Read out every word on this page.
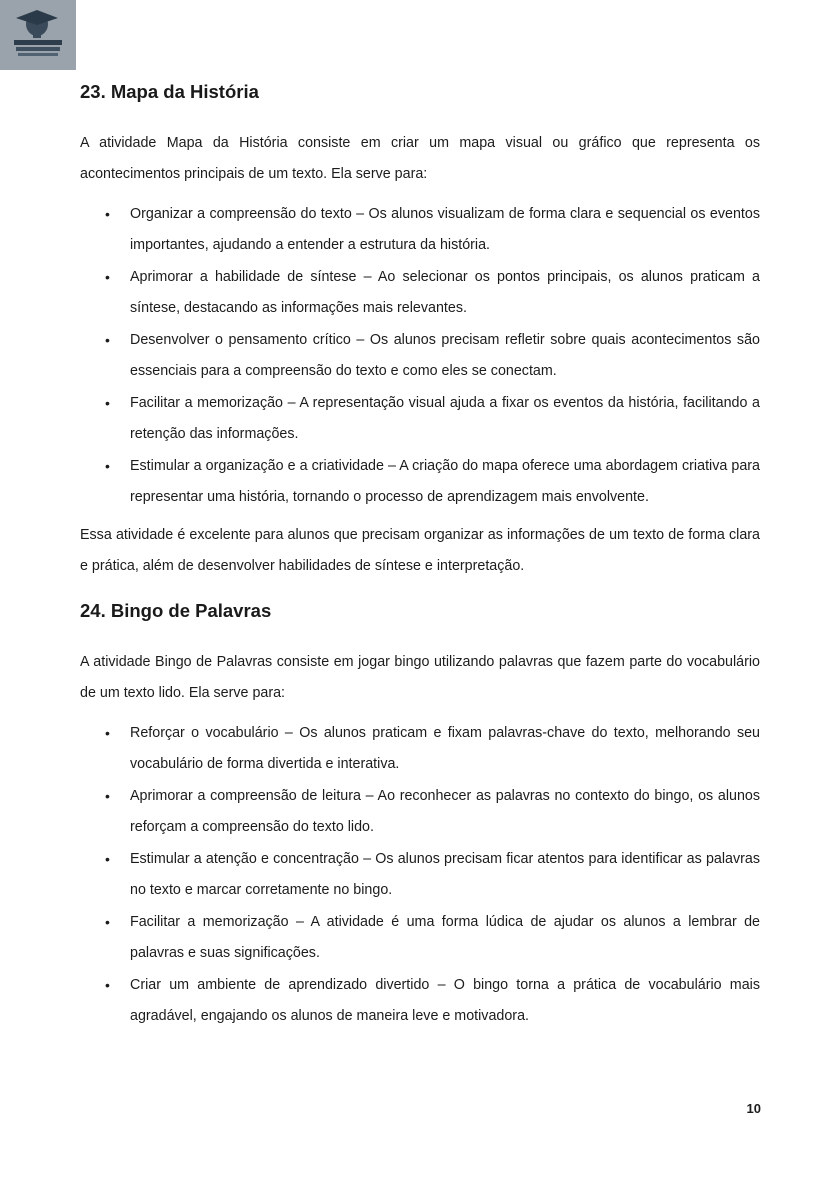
23. Mapa da História

A atividade Mapa da História consiste em criar um mapa visual ou gráfico que representa os acontecimentos principais de um texto. Ela serve para:

• Organizar a compreensão do texto – Os alunos visualizam de forma clara e sequencial os eventos importantes, ajudando a entender a estrutura da história.
• Aprimorar a habilidade de síntese – Ao selecionar os pontos principais, os alunos praticam a síntese, destacando as informações mais relevantes.
• Desenvolver o pensamento crítico – Os alunos precisam refletir sobre quais acontecimentos são essenciais para a compreensão do texto e como eles se conectam.
• Facilitar a memorização – A representação visual ajuda a fixar os eventos da história, facilitando a retenção das informações.
• Estimular a organização e a criatividade – A criação do mapa oferece uma abordagem criativa para representar uma história, tornando o processo de aprendizagem mais envolvente.

Essa atividade é excelente para alunos que precisam organizar as informações de um texto de forma clara e prática, além de desenvolver habilidades de síntese e interpretação.

24. Bingo de Palavras

A atividade Bingo de Palavras consiste em jogar bingo utilizando palavras que fazem parte do vocabulário de um texto lido. Ela serve para:

• Reforçar o vocabulário – Os alunos praticam e fixam palavras-chave do texto, melhorando seu vocabulário de forma divertida e interativa.
• Aprimorar a compreensão de leitura – Ao reconhecer as palavras no contexto do bingo, os alunos reforçam a compreensão do texto lido.
• Estimular a atenção e concentração – Os alunos precisam ficar atentos para identificar as palavras no texto e marcar corretamente no bingo.
• Facilitar a memorização – A atividade é uma forma lúdica de ajudar os alunos a lembrar de palavras e suas significações.
• Criar um ambiente de aprendizado divertido – O bingo torna a prática de vocabulário mais agradável, engajando os alunos de maneira leve e motivadora.
10
